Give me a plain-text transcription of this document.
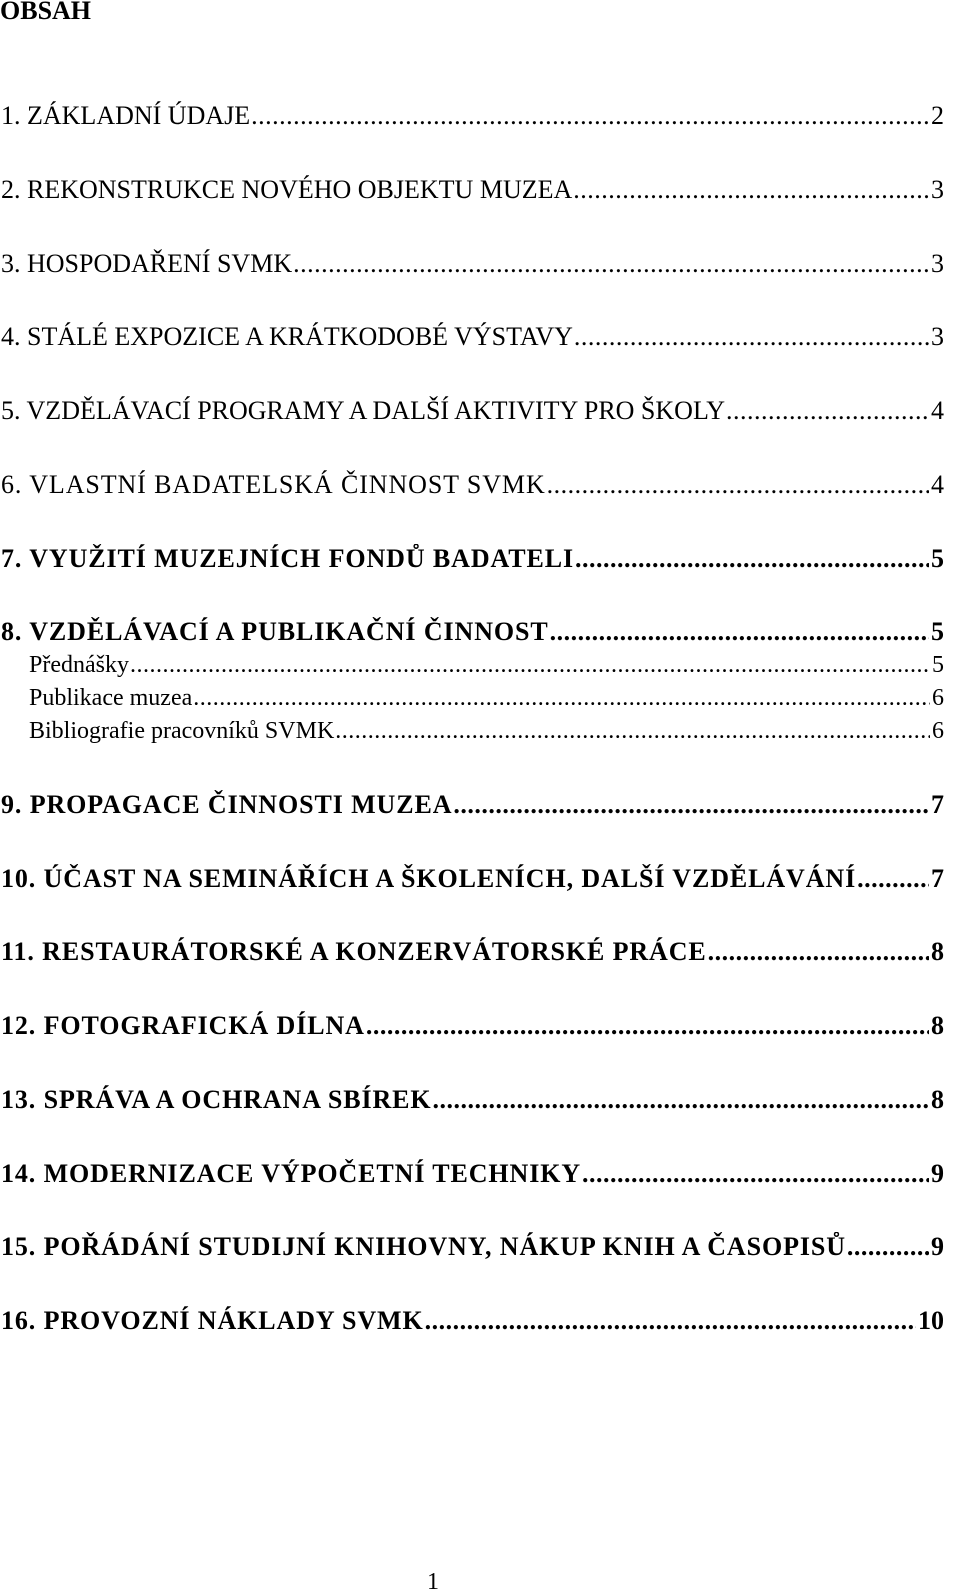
OBSAH
1. ZÁKLADNÍ ÚDAJE .....	2
2. REKONSTRUKCE NOVÉHO OBJEKTU MUZEA .....	3
3. HOSPODAŘENÍ SVMK .....	3
4. STÁLÉ EXPOZICE A KRÁTKODOBÉ VÝSTAVY .....	3
5. VZDĚLÁVACÍ PROGRAMY A DALŠÍ AKTIVITY PRO ŠKOLY .....	4
6. VLASTNÍ BADATELSKÁ ČINNOST SVMK .....	4
7. VYUŽITÍ MUZEJNÍCH FONDŮ BADATELI .....	5
8. VZDĚLÁVACÍ A PUBLIKAČNÍ ČINNOST .....	5
Přednášky .....	5
Publikace muzea .....	6
Bibliografie pracovníků SVMK .....	6
9. PROPAGACE ČINNOSTI MUZEA .....	7
10. ÚČAST NA SEMINÁŘÍCH A ŠKOLENÍCH, DALŠÍ VZDĚLÁVÁNÍ .....	7
11. RESTAURÁTORSKÉ A KONZERVÁTORSKÉ PRÁCE .....	8
12. FOTOGRAFICKÁ DÍLNA .....	8
13. SPRÁVA A OCHRANA SBÍREK .....	8
14. MODERNIZACE VÝPOČETNÍ TECHNIKY .....	9
15. POŘÁDÁNÍ STUDIJNÍ KNIHOVNY, NÁKUP KNIH A ČASOPISŮ .....	9
16. PROVOZNÍ NÁKLADY SVMK .....	10
1
